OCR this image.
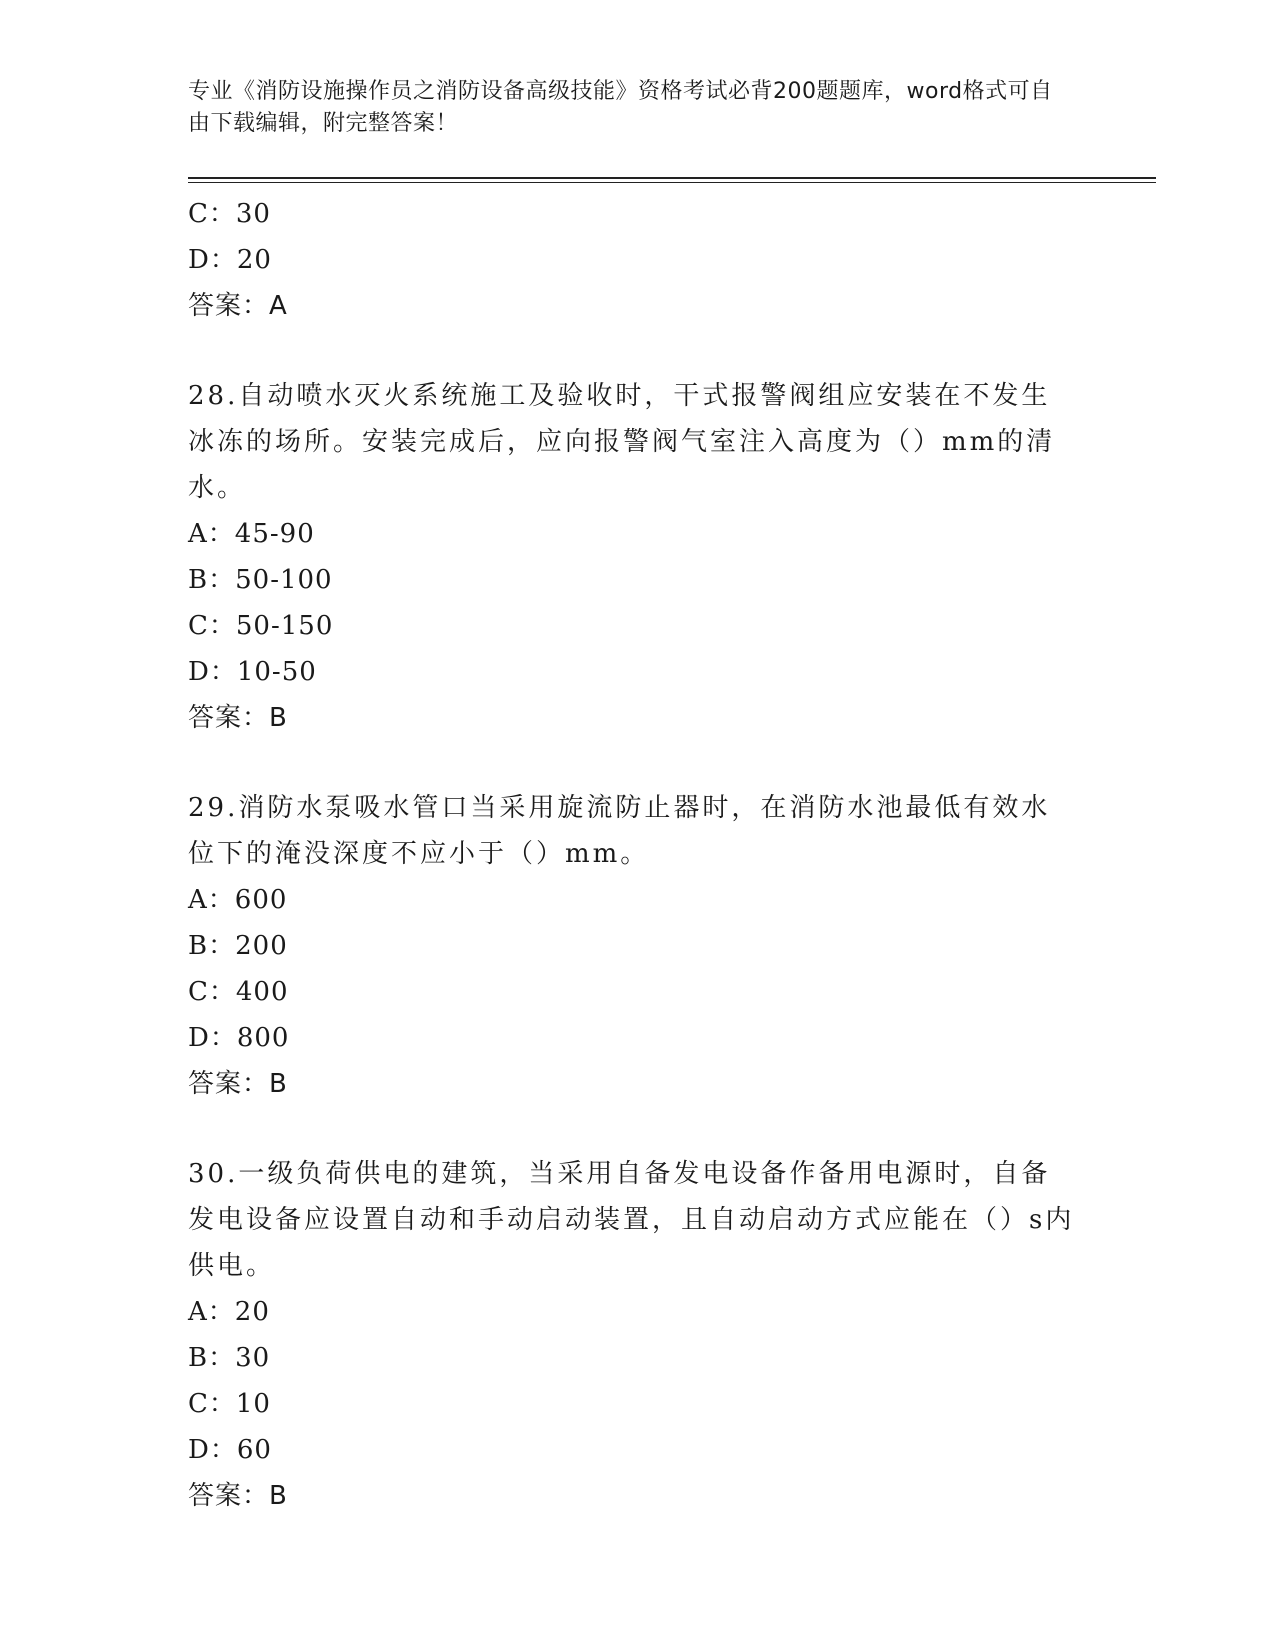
专业《消防设施操作员之消防设备高级技能》资格考试必背200题题库，word格式可自由下载编辑，附完整答案！
C：30
D：20
答案：A
28.自动喷水灭火系统施工及验收时，干式报警阀组应安装在不发生冰冻的场所。安装完成后，应向报警阀气室注入高度为（）mm的清水。
A：45-90
B：50-100
C：50-150
D：10-50
答案：B
29.消防水泵吸水管口当采用旋流防止器时，在消防水池最低有效水位下的淹没深度不应小于（）mm。
A：600
B：200
C：400
D：800
答案：B
30.一级负荷供电的建筑，当采用自备发电设备作备用电源时，自备发电设备应设置自动和手动启动装置，且自动启动方式应能在（）s内供电。
A：20
B：30
C：10
D：60
答案：B
